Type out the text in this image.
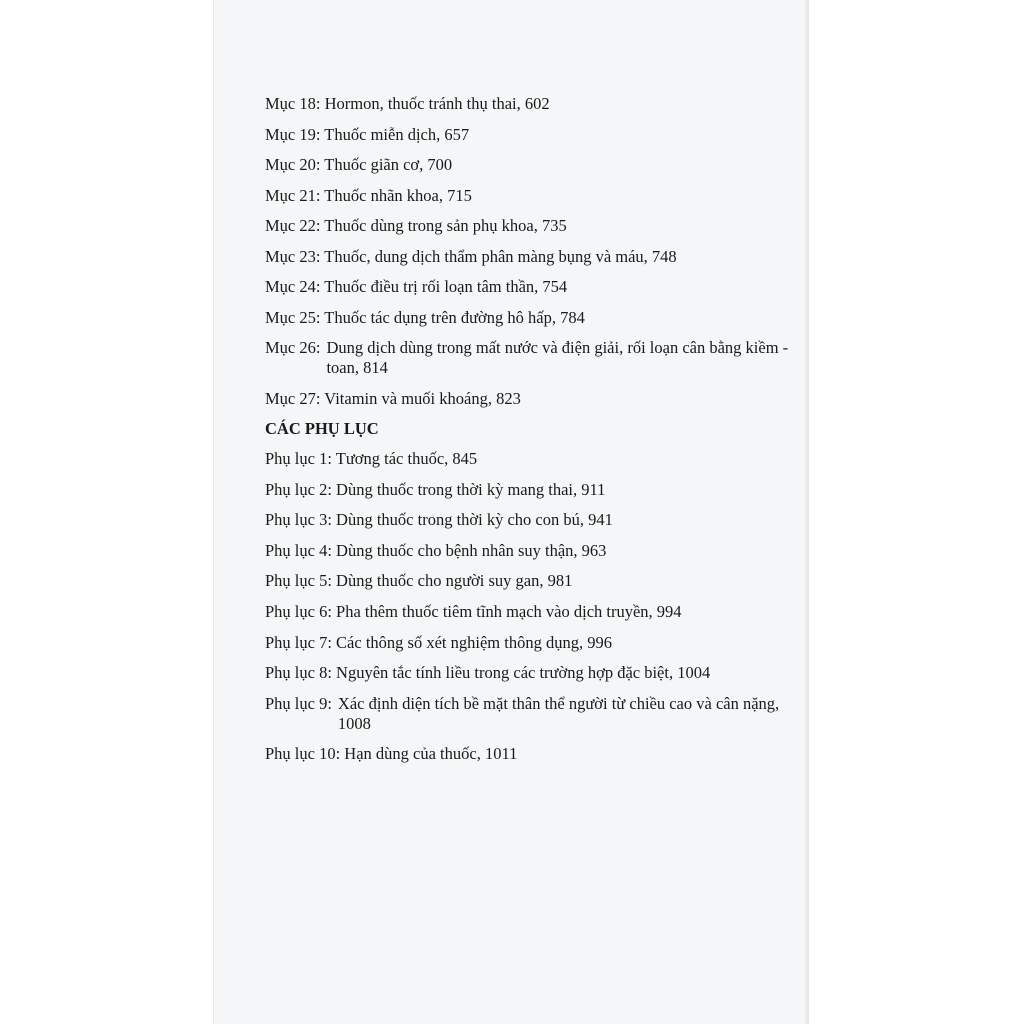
Mục 18: Hormon, thuốc tránh thụ thai, 602
Mục 19: Thuốc miễn dịch, 657
Mục 20: Thuốc giãn cơ, 700
Mục 21: Thuốc nhãn khoa, 715
Mục 22: Thuốc dùng trong sản phụ khoa, 735
Mục 23: Thuốc, dung dịch thẩm phân màng bụng và máu, 748
Mục 24: Thuốc điều trị rối loạn tâm thần, 754
Mục 25: Thuốc tác dụng trên đường hô hấp, 784
Mục 26: Dung dịch dùng trong mất nước và điện giải, rối loạn cân bằng kiềm - toan, 814
Mục 27: Vitamin và muối khoáng, 823
CÁC PHỤ LỤC
Phụ lục 1: Tương tác thuốc, 845
Phụ lục 2: Dùng thuốc trong thời kỳ mang thai, 911
Phụ lục 3: Dùng thuốc trong thời kỳ cho con bú, 941
Phụ lục 4: Dùng thuốc cho bệnh nhân suy thận, 963
Phụ lục 5: Dùng thuốc cho người suy gan, 981
Phụ lục 6: Pha thêm thuốc tiêm tĩnh mạch vào dịch truyền, 994
Phụ lục 7: Các thông số xét nghiệm thông dụng, 996
Phụ lục 8: Nguyên tắc tính liều trong các trường hợp đặc biệt, 1004
Phụ lục 9: Xác định diện tích bề mặt thân thể người từ chiều cao và cân nặng, 1008
Phụ lục 10: Hạn dùng của thuốc, 1011
